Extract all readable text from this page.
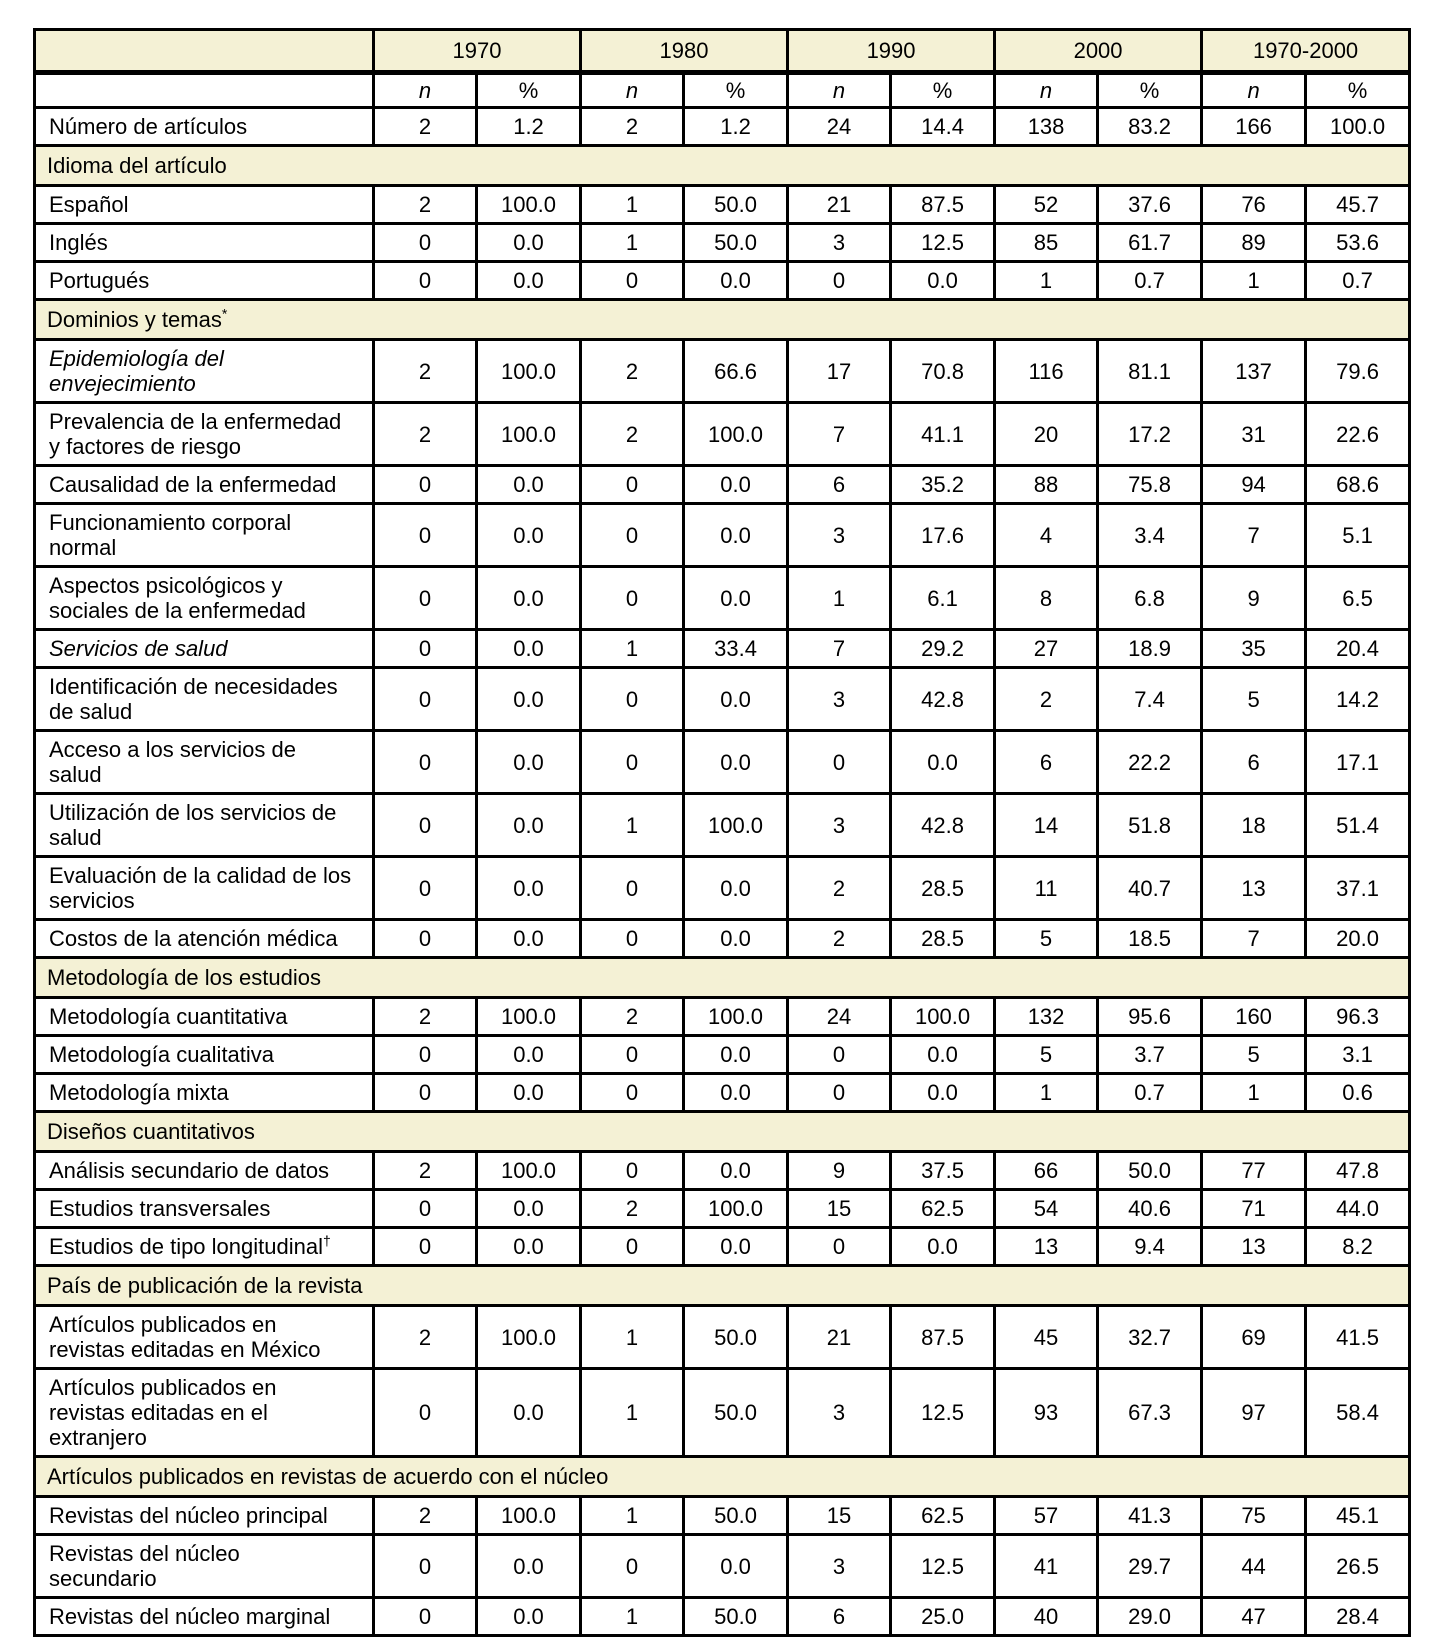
	1970		1980		1990		2000		1970-2000	
	n	%	n	%	n	%	n	%	n	%
Número de artículos	2	1.2	2	1.2	24	14.4	138	83.2	166	100.0
Idioma del artículo										
Español	2	100.0	1	50.0	21	87.5	52	37.6	76	45.7
Inglés	0	0.0	1	50.0	3	12.5	85	61.7	89	53.6
Portugués	0	0.0	0	0.0	0	0.0	1	0.7	1	0.7
Dominios y temas*
Epidemiología del envejecimiento	2	100.0	2	66.6	17	70.8	116	81.1	137	79.6
Prevalencia de la enfermedad y factores de riesgo	2	100.0	2	100.0	7	41.1	20	17.2	31	22.6
Causalidad de la enfermedad	0	0.0	0	0.0	6	35.2	88	75.8	94	68.6
Funcionamiento corporal normal	0	0.0	0	0.0	3	17.6	4	3.4	7	5.1
Aspectos psicológicos y sociales de la enfermedad	0	0.0	0	0.0	1	6.1	8	6.8	9	6.5
Servicios de salud	0	0.0	1	33.4	7	29.2	27	18.9	35	20.4
Identificación de necesidades de salud	0	0.0	0	0.0	3	42.8	2	7.4	5	14.2
Acceso a los servicios de salud	0	0.0	0	0.0	0	0.0	6	22.2	6	17.1
Utilización de los servicios de salud	0	0.0	1	100.0	3	42.8	14	51.8	18	51.4
Evaluación de la calidad de los servicios	0	0.0	0	0.0	2	28.5	11	40.7	13	37.1
Costos de la atención médica	0	0.0	0	0.0	2	28.5	5	18.5	7	20.0
Metodología de los estudios										
Metodología cuantitativa	2	100.0	2	100.0	24	100.0	132	95.6	160	96.3
Metodología cualitativa	0	0.0	0	0.0	0	0.0	5	3.7	5	3.1
Metodología mixta	0	0.0	0	0.0	0	0.0	1	0.7	1	0.6
Diseños cuantitativos										
Análisis secundario de datos	2	100.0	0	0.0	9	37.5	66	50.0	77	47.8
Estudios transversales	0	0.0	2	100.0	15	62.5	54	40.6	71	44.0
Estudios de tipo longitudinal†	0	0.0	0	0.0	0	0.0	13	9.4	13	8.2
País de publicación de la revista										
Artículos publicados en revistas editadas en México	2	100.0	1	50.0	21	87.5	45	32.7	69	41.5
Artículos publicados en revistas editadas en el extranjero	0	0.0	1	50.0	3	12.5	93	67.3	97	58.4
Artículos publicados en revistas de acuerdo con el núcleo										
Revistas del núcleo principal	2	100.0	1	50.0	15	62.5	57	41.3	75	45.1
Revistas del núcleo secundario	0	0.0	0	0.0	3	12.5	41	29.7	44	26.5
Revistas del núcleo marginal	0	0.0	1	50.0	6	25.0	40	29.0	47	28.4
